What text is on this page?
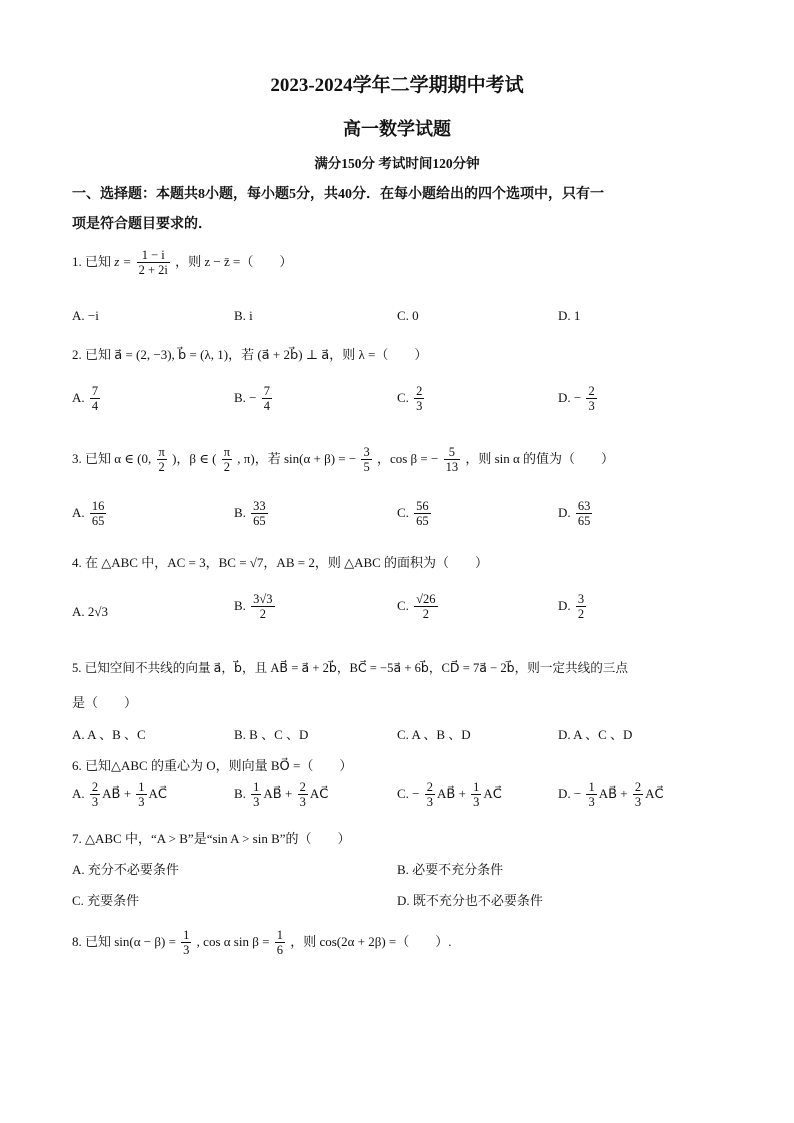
2023-2024学年二学期期中考试
高一数学试题
满分150分 考试时间120分钟
一、选择题：本题共8小题，每小题5分，共40分．在每小题给出的四个选项中，只有一
项是符合题目要求的．
1. 已知 $z = \frac{1 - i}{2 + 2i}$ ，则 z − z̄ =（　　）
A. −i	B. i	C. 0	D. 1
2. 已知 a⃗ = (2, −3), b⃗ = (λ, 1)，若 (a⃗ + 2b⃗) ⊥ a⃗，则 λ =（　　）
A. $\frac{7}{4}$	B. − $\frac{7}{4}$	C. $\frac{2}{3}$	D. − $\frac{2}{3}$
3. 已知 α ∈ (0, $\frac{\pi}{2}$ )，β ∈ ( $\frac{\pi}{2}$ , π)，若 sin(α + β) = − $\frac{3}{5}$ ，cos β = − $\frac{5}{13}$ ，则 sin α 的值为（　　）
A. $\frac{16}{65}$	B. $\frac{33}{65}$	C. $\frac{56}{65}$	D. $\frac{63}{65}$
4. 在 △ABC 中，AC = 3，BC = √7，AB = 2，则 △ABC 的面积为（　　）
A. 2√3	B. $\frac{3√3}{2}$	C. $\frac{√26}{2}$	D. $\frac{3}{2}$
5. 已知空间不共线的向量 a⃗，b⃗，且 AB⃗ = a⃗ + 2b⃗，BC⃗ = −5a⃗ + 6b⃗，CD⃗ = 7a⃗ − 2b⃗，则一定共线的三点
是（　　）
A. A 、B 、C	B. B 、C 、D	C. A 、B 、D	D. A 、C 、D
6. 已知△ABC 的重心为 O，则向量 BO⃗ =（　　）
A. $\frac{2}{3}$ AB⃗ + $\frac{1}{3}$ AC⃗	B. $\frac{1}{3}$ AB⃗ + $\frac{2}{3}$ AC⃗	C. − $\frac{2}{3}$ AB⃗ + $\frac{1}{3}$ AC⃗	D. − $\frac{1}{3}$ AB⃗ + $\frac{2}{3}$ AC⃗
7. △ABC 中，“A > B”是“sin A > sin B”的（　　）
A. 充分不必要条件	B. 必要不充分条件
C. 充要条件	D. 既不充分也不必要条件
8. 已知 $\sin(\alpha - \beta) = \frac{1}{3}$ , cos α $\sin \beta = \frac{1}{6}$ ，则 cos(2α + 2β) =（　　）.
